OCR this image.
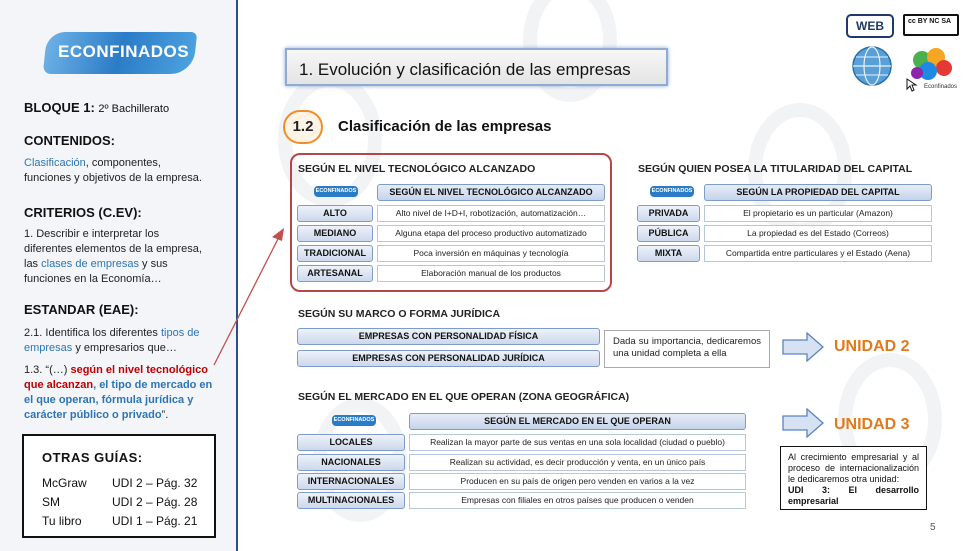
ECONFINADOS
BLOQUE 1: 2º Bachillerato
CONTENIDOS:
Clasificación, componentes,
funciones y objetivos de la empresa.
CRITERIOS (C.EV):
1. Describir e interpretar los
diferentes elementos de la empresa,
las clases de empresas y sus
funciones en la Economía…
ESTANDAR (EAE):
2.1. Identifica los diferentes tipos de
empresas y empresarios que…
1.3. “(…) según el nivel tecnológico
que alcanzan, el tipo de mercado en
el que operan, fórmula jurídica y
carácter público o privado”.
OTRAS GUÍAS:
McGraw UDI 2 – Pág. 32
SM	UDI 2 – Pág. 28
Tu libro	UDI 1 – Pág. 21
WEB	cc BY NC SA
Econfinados
1. Evolución y clasificación de las empresas
1.2	Clasificación de las empresas
SEGÚN EL NIVEL TECNOLÓGICO ALCANZADO
ECONFINADOS	SEGÚN EL NIVEL TECNOLÓGICO ALCANZADO
ALTO	Alto nivel de I+D+I, robotización, automatización…
MEDIANO	Alguna etapa del proceso productivo automatizado
TRADICIONAL	Poca inversión en máquinas y tecnología
ARTESANAL	Elaboración manual de los productos
SEGÚN QUIEN POSEA LA TITULARIDAD DEL CAPITAL
ECONFINADOS	SEGÚN LA PROPIEDAD DEL CAPITAL
PRIVADA	El propietario es un particular (Amazon)
PÚBLICA	La propiedad es del Estado (Correos)
MIXTA	Compartida entre particulares y el Estado (Aena)
SEGÚN SU MARCO O FORMA JURÍDICA
EMPRESAS CON PERSONALIDAD FÍSICA
EMPRESAS CON PERSONALIDAD JURÍDICA
Dada su importancia, dedicaremos una unidad completa a ella	UNIDAD 2
SEGÚN EL MERCADO EN EL QUE OPERAN (ZONA GEOGRÁFICA)
ECONFINADOS	SEGÚN EL MERCADO EN EL QUE OPERAN
LOCALES	Realizan la mayor parte de sus ventas en una sola localidad (ciudad o pueblo)
NACIONALES	Realizan su actividad, es decir producción y venta, en un único país
INTERNACIONALES	Producen en su país de origen pero venden en varios a la vez
MULTINACIONALES	Empresas con filiales en otros países que producen o venden
UNIDAD 3
Al crecimiento empresarial y al proceso de internacionalización le dedicaremos otra unidad:
UDI 3: El desarrollo empresarial
5
